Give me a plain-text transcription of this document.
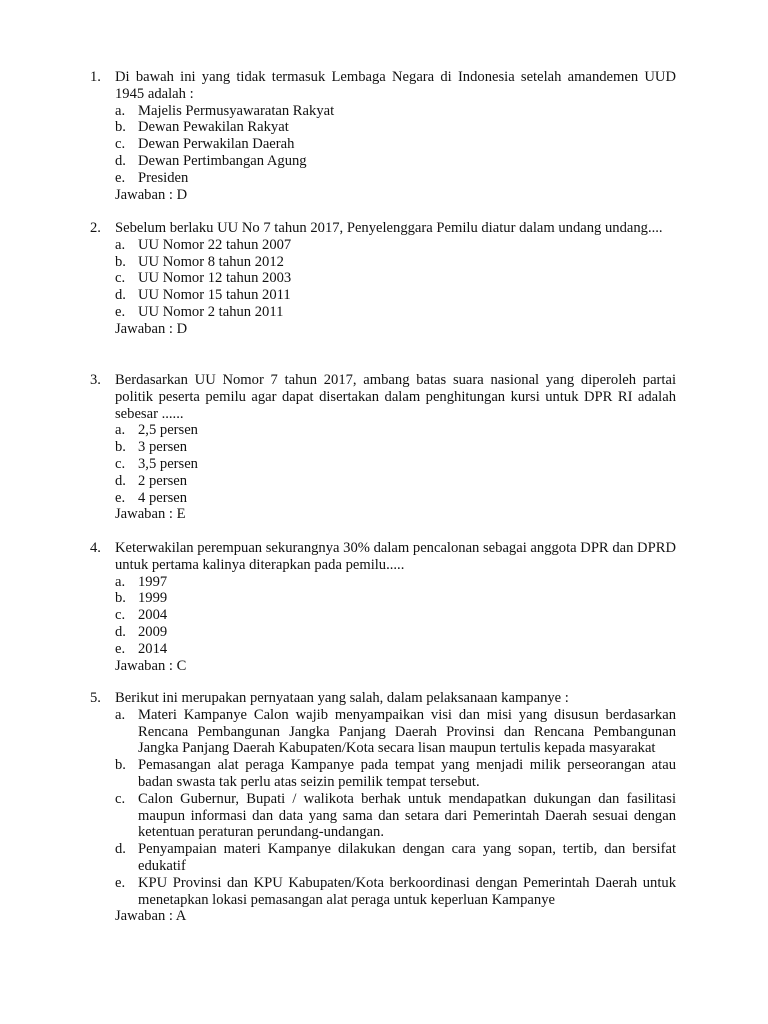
1. Di bawah ini yang tidak termasuk Lembaga Negara di Indonesia setelah amandemen UUD 1945 adalah :
a. Majelis Permusyawaratan Rakyat
b. Dewan Pewakilan Rakyat
c. Dewan Perwakilan Daerah
d. Dewan Pertimbangan Agung
e. Presiden
Jawaban : D
2. Sebelum berlaku UU No 7 tahun 2017, Penyelenggara Pemilu diatur dalam undang undang....
a. UU Nomor 22 tahun 2007
b. UU Nomor 8 tahun 2012
c. UU Nomor 12 tahun 2003
d. UU Nomor 15 tahun 2011
e. UU Nomor 2 tahun 2011
Jawaban : D
3. Berdasarkan UU Nomor 7 tahun 2017, ambang batas suara nasional yang diperoleh partai politik peserta pemilu agar dapat disertakan dalam penghitungan kursi untuk DPR RI adalah sebesar ......
a. 2,5 persen
b. 3 persen
c. 3,5 persen
d. 2 persen
e. 4 persen
Jawaban : E
4. Keterwakilan perempuan sekurangnya 30% dalam pencalonan sebagai anggota DPR dan DPRD untuk pertama kalinya diterapkan pada pemilu.....
a. 1997
b. 1999
c. 2004
d. 2009
e. 2014
Jawaban : C
5. Berikut ini merupakan pernyataan yang salah, dalam pelaksanaan kampanye :
a. Materi Kampanye Calon wajib menyampaikan visi dan misi yang disusun berdasarkan Rencana Pembangunan Jangka Panjang Daerah Provinsi dan Rencana Pembangunan Jangka Panjang Daerah Kabupaten/Kota secara lisan maupun tertulis kepada masyarakat
b. Pemasangan alat peraga Kampanye pada tempat yang menjadi milik perseorangan atau badan swasta tak perlu atas seizin pemilik tempat tersebut.
c. Calon Gubernur, Bupati / walikota berhak untuk mendapatkan dukungan dan fasilitasi maupun informasi dan data yang sama dan setara dari Pemerintah Daerah sesuai dengan ketentuan peraturan perundang-undangan.
d. Penyampaian materi Kampanye dilakukan dengan cara yang sopan, tertib, dan bersifat edukatif
e. KPU Provinsi dan KPU Kabupaten/Kota berkoordinasi dengan Pemerintah Daerah untuk menetapkan lokasi pemasangan alat peraga untuk keperluan Kampanye
Jawaban : A
